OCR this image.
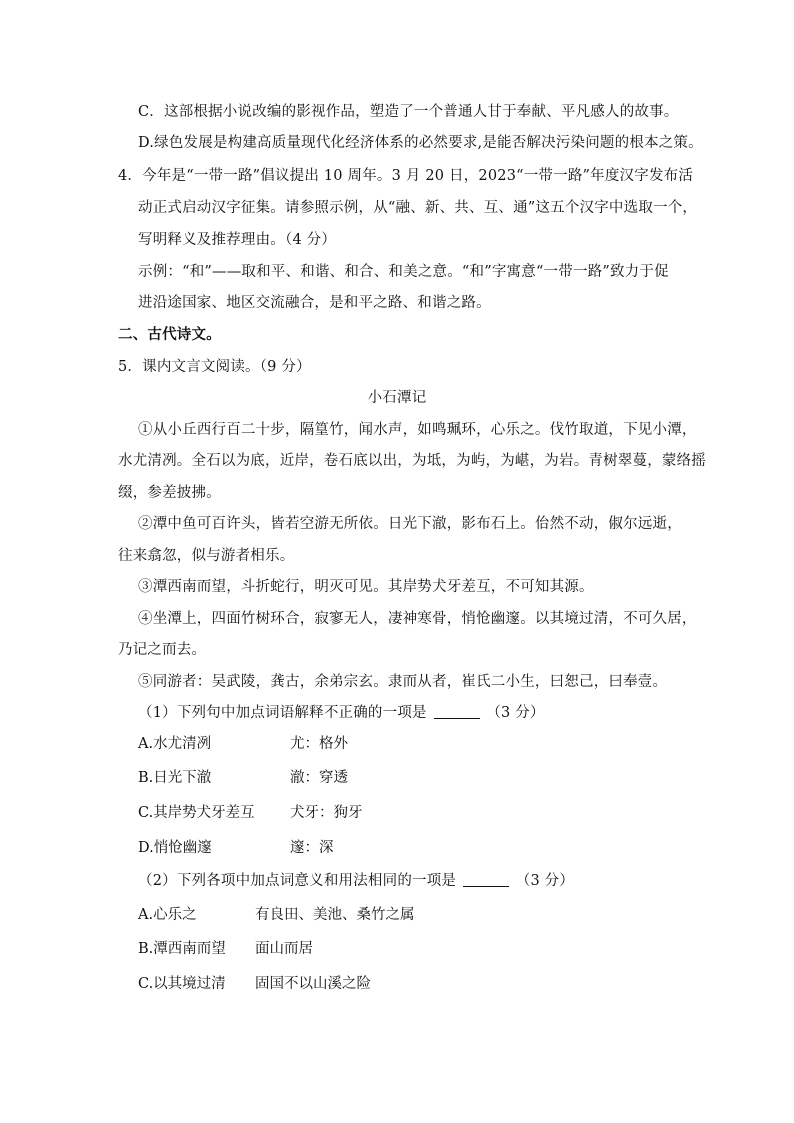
C．这部根据小说改编的影视作品，塑造了一个普通人甘于奉献、平凡感人的故事。
D.绿色发展是构建高质量现代化经济体系的必然要求,是能否解决污染问题的根本之策。
4．今年是“一带一路”倡议提出 10 周年。3 月 20 日，2023“一带一路”年度汉字发布活
动正式启动汉字征集。请参照示例，从“融、新、共、互、通”这五个汉字中选取一个，
写明释义及推荐理由。（4 分）
示例：“和”——取和平、和谐、和合、和美之意。“和”字寓意“一带一路”致力于促
进沿途国家、地区交流融合，是和平之路、和谐之路。
二、古代诗文。
5．课内文言文阅读。（9 分）
小石潭记
①从小丘西行百二十步，隔篁竹，闻水声，如鸣珮环，心乐之。伐竹取道，下见小潭，
水尤清冽。全石以为底，近岸，卷石底以出，为坻，为屿，为嵁，为岩。青树翠蔓，蒙络摇
缀，参差披拂。
②潭中鱼可百许头，皆若空游无所依。日光下澈，影布石上。佁然不动，俶尔远逝，
往来翕忽，似与游者相乐。
③潭西南而望，斗折蛇行，明灭可见。其岸势犬牙差互，不可知其源。
④坐潭上，四面竹树环合，寂寥无人，凄神寒骨，悄怆幽邃。以其境过清，不可久居，
乃记之而去。
⑤同游者：吴武陵，龚古，余弟宗玄。隶而从者，崔氏二小生，曰恕己，曰奉壹。
（1）下列句中加点词语解释不正确的一项是	（3 分）
A.水尤清冽	尤：格外
B.日光下澈	澈：穿透
C.其岸势犬牙差互 犬牙：狗牙
D.悄怆幽邃	邃：深
（2）下列各项中加点词意义和用法相同的一项是	（3 分）
A.心乐之	有良田、美池、桑竹之属
B.潭西南而望 面山而居
C.以其境过清 固国不以山溪之险
